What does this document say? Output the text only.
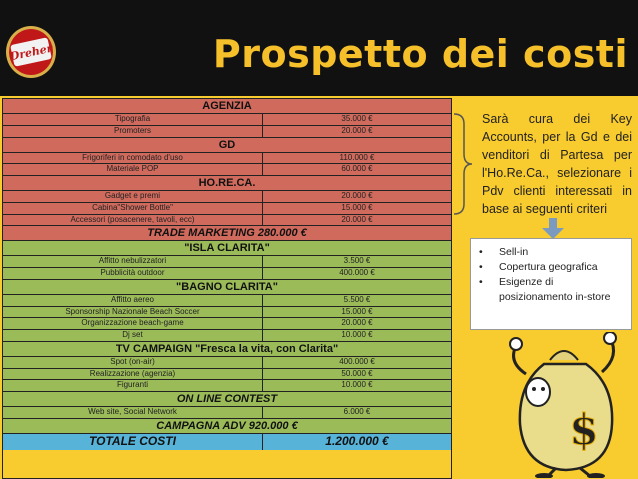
Dreher	Prospetto dei costi
AGENZIA
Tipografia	35.000 €
Promoters	20.000 €
GD
Frigoriferi in comodato d'uso	110.000 €
Materiale POP	60.000 €
HO.RE.CA.
Gadget e premi	20.000 €
Cabina"Shower Bottle"	15.000 €
Accessori (posacenere, tavoli, ecc)	20.000 €
TRADE MARKETING 280.000 €
"ISLA CLARITA"
Affitto nebulizzatori	3.500 €
Pubblicità outdoor	400.000 €
"BAGNO CLARITA"
Affitto aereo	5.500 €
Sponsorship Nazionale Beach Soccer	15.000 €
Organizzazione beach-game	20.000 €
Dj set	10.000 €
TV CAMPAIGN "Fresca la vita, con Clarita"
Spot (on-air)	400.000 €
Realizzazione (agenzia)	50.000 €
Figuranti	10.000 €
ON LINE CONTEST
Web site, Social Network	6.000 €
CAMPAGNA ADV 920.000 €
TOTALE COSTI	1.200.000 €
Sarà cura dei Key Accounts, per la Gd e dei venditori di Partesa per l'Ho.Re.Ca., selezionare i Pdv clienti interessati in base ai seguenti criteri
•	Sell-in
•	Copertura geografica
•	Esigenze di
posizionamento in-store
$
